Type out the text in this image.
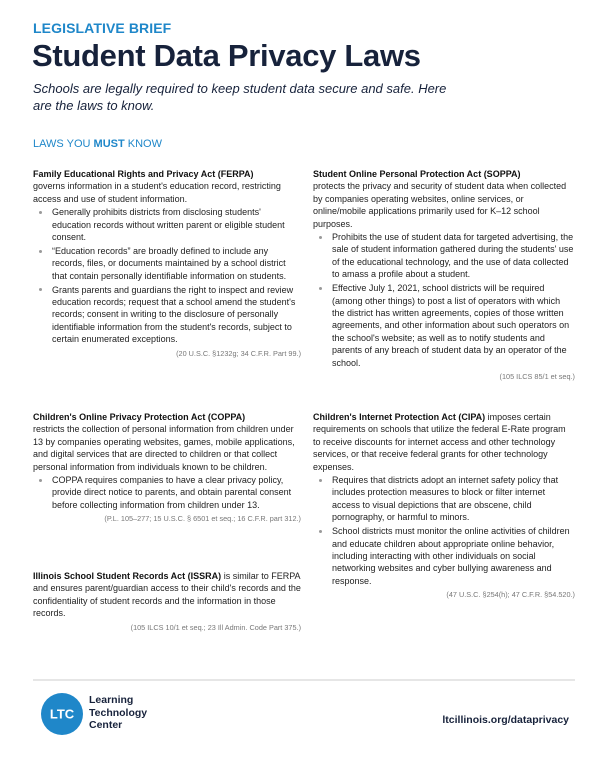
LEGISLATIVE BRIEF
Student Data Privacy Laws
Schools are legally required to keep student data secure and safe. Here are the laws to know.
LAWS YOU MUST KNOW

Family Educational Rights and Privacy Act (FERPA)
governs information in a student's education record, restricting access and use of student information.

Generally prohibits districts from disclosing students' education records without written parent or eligible student consent.
“Education records” are broadly defined to include any records, files, or documents maintained by a school district that contain personally identifiable information on students.
Grants parents and guardians the right to inspect and review education records; request that a school amend the student's records; consent in writing to the disclosure of personally identifiable information from the student's records, subject to certain enumerated exceptions.
(20 U.S.C. §1232g; 34 C.F.R. Part 99.)

Student Online Personal Protection Act (SOPPA)
protects the privacy and security of student data when collected by companies operating websites, online services, or online/mobile applications primarily used for K–12 school purposes.

Prohibits the use of student data for targeted advertising, the sale of student information gathered during the students' use of the educational technology, and the use of data collected to amass a profile about a student.
Effective July 1, 2021, school districts will be required (among other things) to post a list of operators with which the district has written agreements, copies of those written agreements, and other information about such operators on the school's website; as well as to notify students and parents of any breach of student data by an operator of the school.
(105 ILCS 85/1 et seq.)

Children's Online Privacy Protection Act (COPPA)
restricts the collection of personal information from children under 13 by companies operating websites, games, mobile applications, and digital services that are directed to children or that collect personal information from individuals known to be children.

COPPA requires companies to have a clear privacy policy, provide direct notice to parents, and obtain parental consent before collecting information from children under 13.
(P.L. 105–277; 15 U.S.C. § 6501 et seq.; 16 C.F.R. part 312.)

Illinois School Student Records Act (ISSRA) is similar to FERPA and ensures parent/guardian access to their child's records and the confidentiality of student records and the information in those records.

(105 ILCS 10/1 et seq.; 23 Ill Admin. Code Part 375.)

Children's Internet Protection Act (CIPA) imposes certain requirements on schools that utilize the federal E-Rate program to receive discounts for internet access and other technology services, or that receive federal grants for other technology expenses.

Requires that districts adopt an internet safety policy that includes protection measures to block or filter internet access to visual depictions that are obscene, child pornography, or harmful to minors.
School districts must monitor the online activities of children and educate children about appropriate online behavior, including interacting with other individuals on social networking websites and cyber bullying awareness and response.
(47 U.S.C. §254(h); 47 C.F.R. §54.520.)
LTC
Learning
Technology
Center	ltcillinois.org/dataprivacy
